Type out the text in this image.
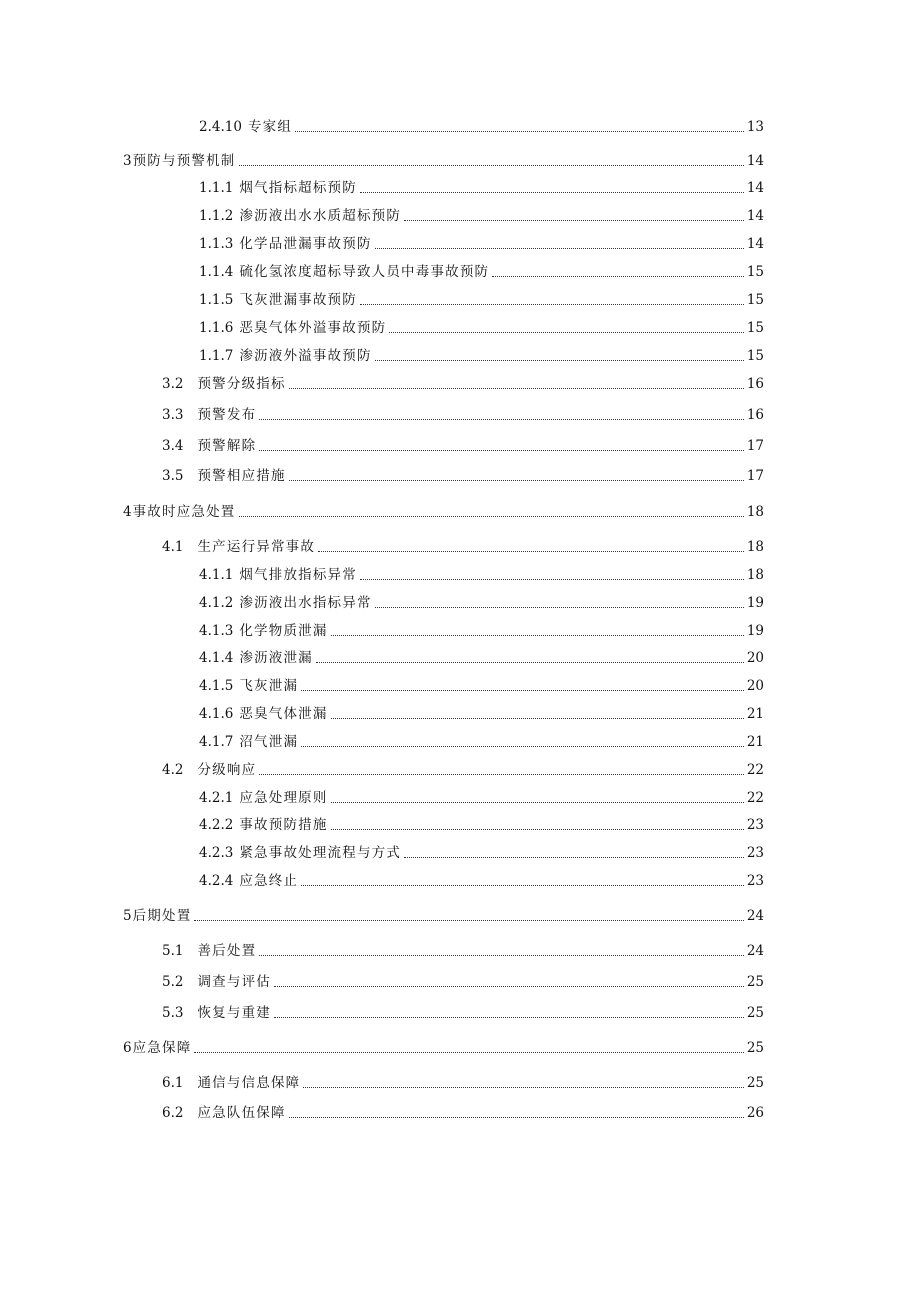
2.4.10 专家组	13
3 预防与预警机制	14
1.1.1 烟气指标超标预防	14
1.1.2 渗沥液出水水质超标预防	14
1.1.3 化学品泄漏事故预防	14
1.1.4 硫化氢浓度超标导致人员中毒事故预防	15
1.1.5 飞灰泄漏事故预防	15
1.1.6 恶臭气体外溢事故预防	15
1.1.7 渗沥液外溢事故预防	15
3.2 预警分级指标	16
3.3 预警发布	16
3.4 预警解除	17
3.5 预警相应措施	17
4 事故时应急处置	18
4.1 生产运行异常事故	18
4.1.1 烟气排放指标异常	18
4.1.2 渗沥液出水指标异常	19
4.1.3 化学物质泄漏	19
4.1.4 渗沥液泄漏	20
4.1.5 飞灰泄漏	20
4.1.6 恶臭气体泄漏	21
4.1.7 沼气泄漏	21
4.2 分级响应	22
4.2.1 应急处理原则	22
4.2.2 事故预防措施	23
4.2.3 紧急事故处理流程与方式	23
4.2.4 应急终止	23
5 后期处置	24
5.1 善后处置	24
5.2 调查与评估	25
5.3 恢复与重建	25
6 应急保障	25
6.1 通信与信息保障	25
6.2 应急队伍保障	26
